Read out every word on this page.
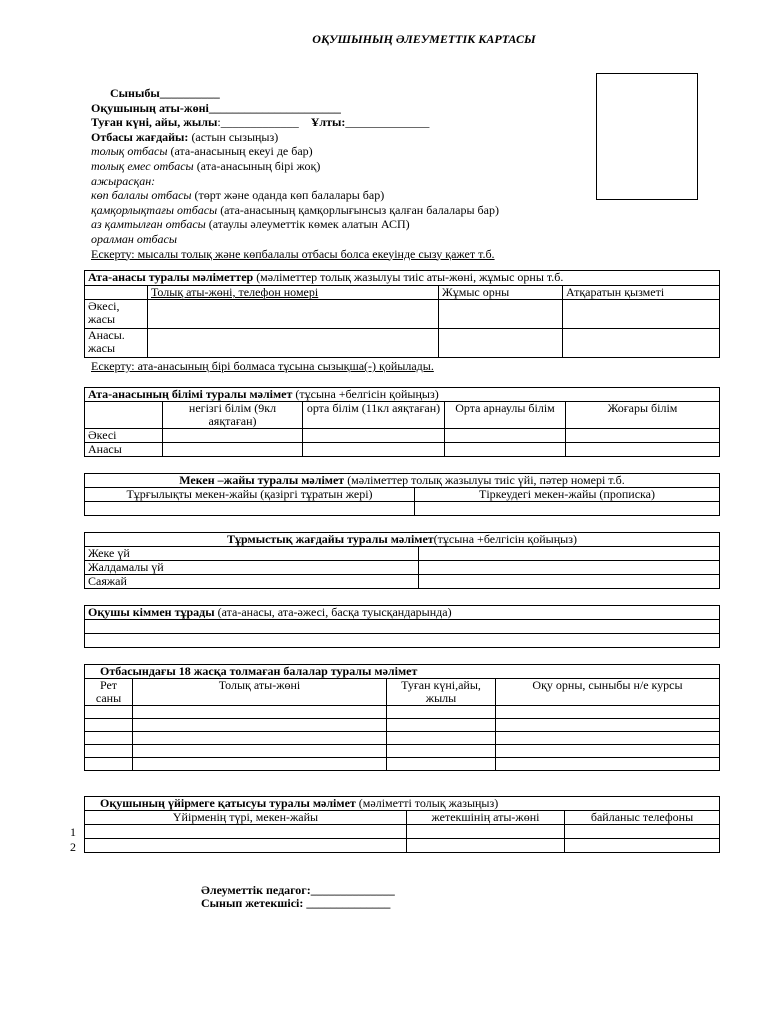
ОҚУШЫНЫҢ ӘЛЕУМЕТТІК КАРТАСЫ
Сыныбы__________
Оқушының аты-жөні______________________
Туған күні, айы, жылы:_____________ Ұлты:______________
Отбасы жағдайы: (астын сызыңыз)
толық отбасы (ата-анасының екеуі де бар)
толық емес отбасы (ата-анасының бірі жоқ)
ажырасқан:
көп балалы отбасы (төрт және оданда көп балалары бар)
қамқорлықтағы отбасы (ата-анасының қамқорлығынсыз қалған балалары бар)
аз қамтылған отбасы (атаулы әлеуметтік көмек алатын АСП)
оралман отбасы
Ескерту: мысалы толық және көпбалалы отбасы болса екеуінде сызу қажет т.б.
Ата-анасы туралы мәліметтер (мәліметтер толық жазылуы тиіс аты-жөні, жұмыс орны т.б.			
	Толық аты-жөні, телефон номері	Жұмыс орны	Атқаратын қызметі
Әкесі, жасы			
Анасы. жасы			
Ескерту: ата-анасының бірі болмаса тұсына сызықша(-) қойылады.
Ата-анасының білімі туралы мәлімет (тұсына +белгісін қойыңыз)				
	негізгі білім (9кл аяқтаған)	орта білім (11кл аяқтаған)	Орта арнаулы білім	Жоғары білім
Әкесі				
Анасы				
Мекен –жайы туралы мәлімет (мәліметтер толық жазылуы тиіс үйі, пәтер номері т.б.	
Тұрғылықты мекен-жайы (қазіргі тұратын жері)	Тіркеудегі мекен-жайы (прописка)

Тұрмыстық жағдайы туралы мәлімет(тұсына +белгісін қойыңыз)	
Жеке үй	
Жалдамалы үй	
Саяжай	
Оқушы кіммен тұрады (ата-анасы, ата-әжесі, басқа туысқандарында)

Отбасындағы 18 жасқа толмаған балалар туралы мәлімет			
Рет саны	Толық аты-жөні	Туған күні,айы, жылы	Оқу орны, сыныбы н/е курсы

Оқушының үйірмеге қатысуы туралы мәлімет (мәліметті толық жазыңыз)		
Үйірменің түрі, мекен-жайы	жетекшінің аты-жөні	байланыс телефоны

1
2
Әлеуметтік педагог:______________
Сынып жетекшісі: ______________
